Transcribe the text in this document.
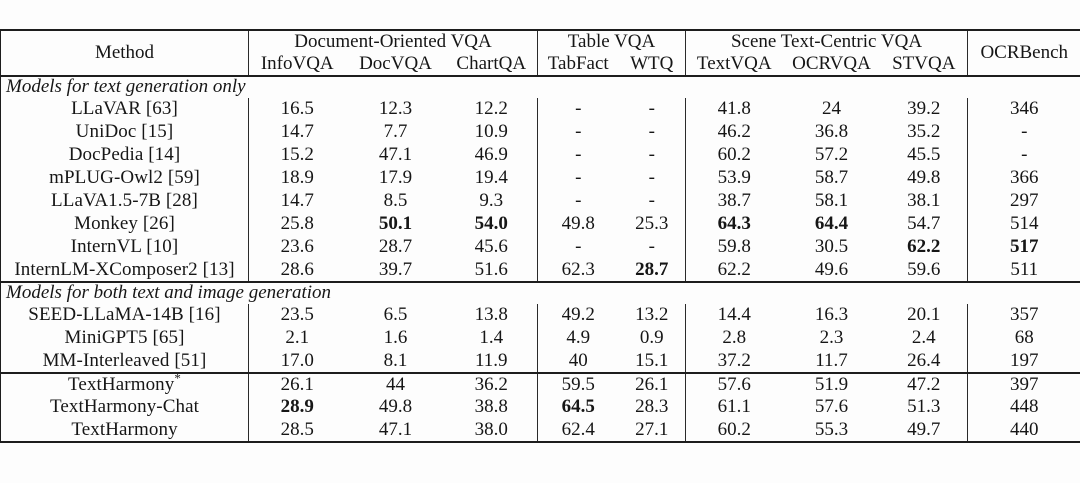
Method	Document-Oriented VQA			Table VQA		Scene Text-Centric VQA			OCRBench
	InfoVQA	DocVQA	ChartQA	TabFact	WTQ	TextVQA	OCRVQA	STVQA	
Models for text generation only									
LLaVAR [63]	16.5	12.3	12.2	-	-	41.8	24	39.2	346
UniDoc [15]	14.7	7.7	10.9	-	-	46.2	36.8	35.2	-
DocPedia [14]	15.2	47.1	46.9	-	-	60.2	57.2	45.5	-
mPLUG-Owl2 [59]	18.9	17.9	19.4	-	-	53.9	58.7	49.8	366
LLaVA1.5-7B [28]	14.7	8.5	9.3	-	-	38.7	58.1	38.1	297
Monkey [26]	25.8	50.1	54.0	49.8	25.3	64.3	64.4	54.7	514
InternVL [10]	23.6	28.7	45.6	-	-	59.8	30.5	62.2	517
InternLM-XComposer2 [13]	28.6	39.7	51.6	62.3	28.7	62.2	49.6	59.6	511
Models for both text and image generation									
SEED-LLaMA-14B [16]	23.5	6.5	13.8	49.2	13.2	14.4	16.3	20.1	357
MiniGPT5 [65]	2.1	1.6	1.4	4.9	0.9	2.8	2.3	2.4	68
MM-Interleaved [51]	17.0	8.1	11.9	40	15.1	37.2	11.7	26.4	197
TextHarmony*	26.1	44	36.2	59.5	26.1	57.6	51.9	47.2	397
TextHarmony-Chat	28.9	49.8	38.8	64.5	28.3	61.1	57.6	51.3	448
TextHarmony	28.5	47.1	38.0	62.4	27.1	60.2	55.3	49.7	440
